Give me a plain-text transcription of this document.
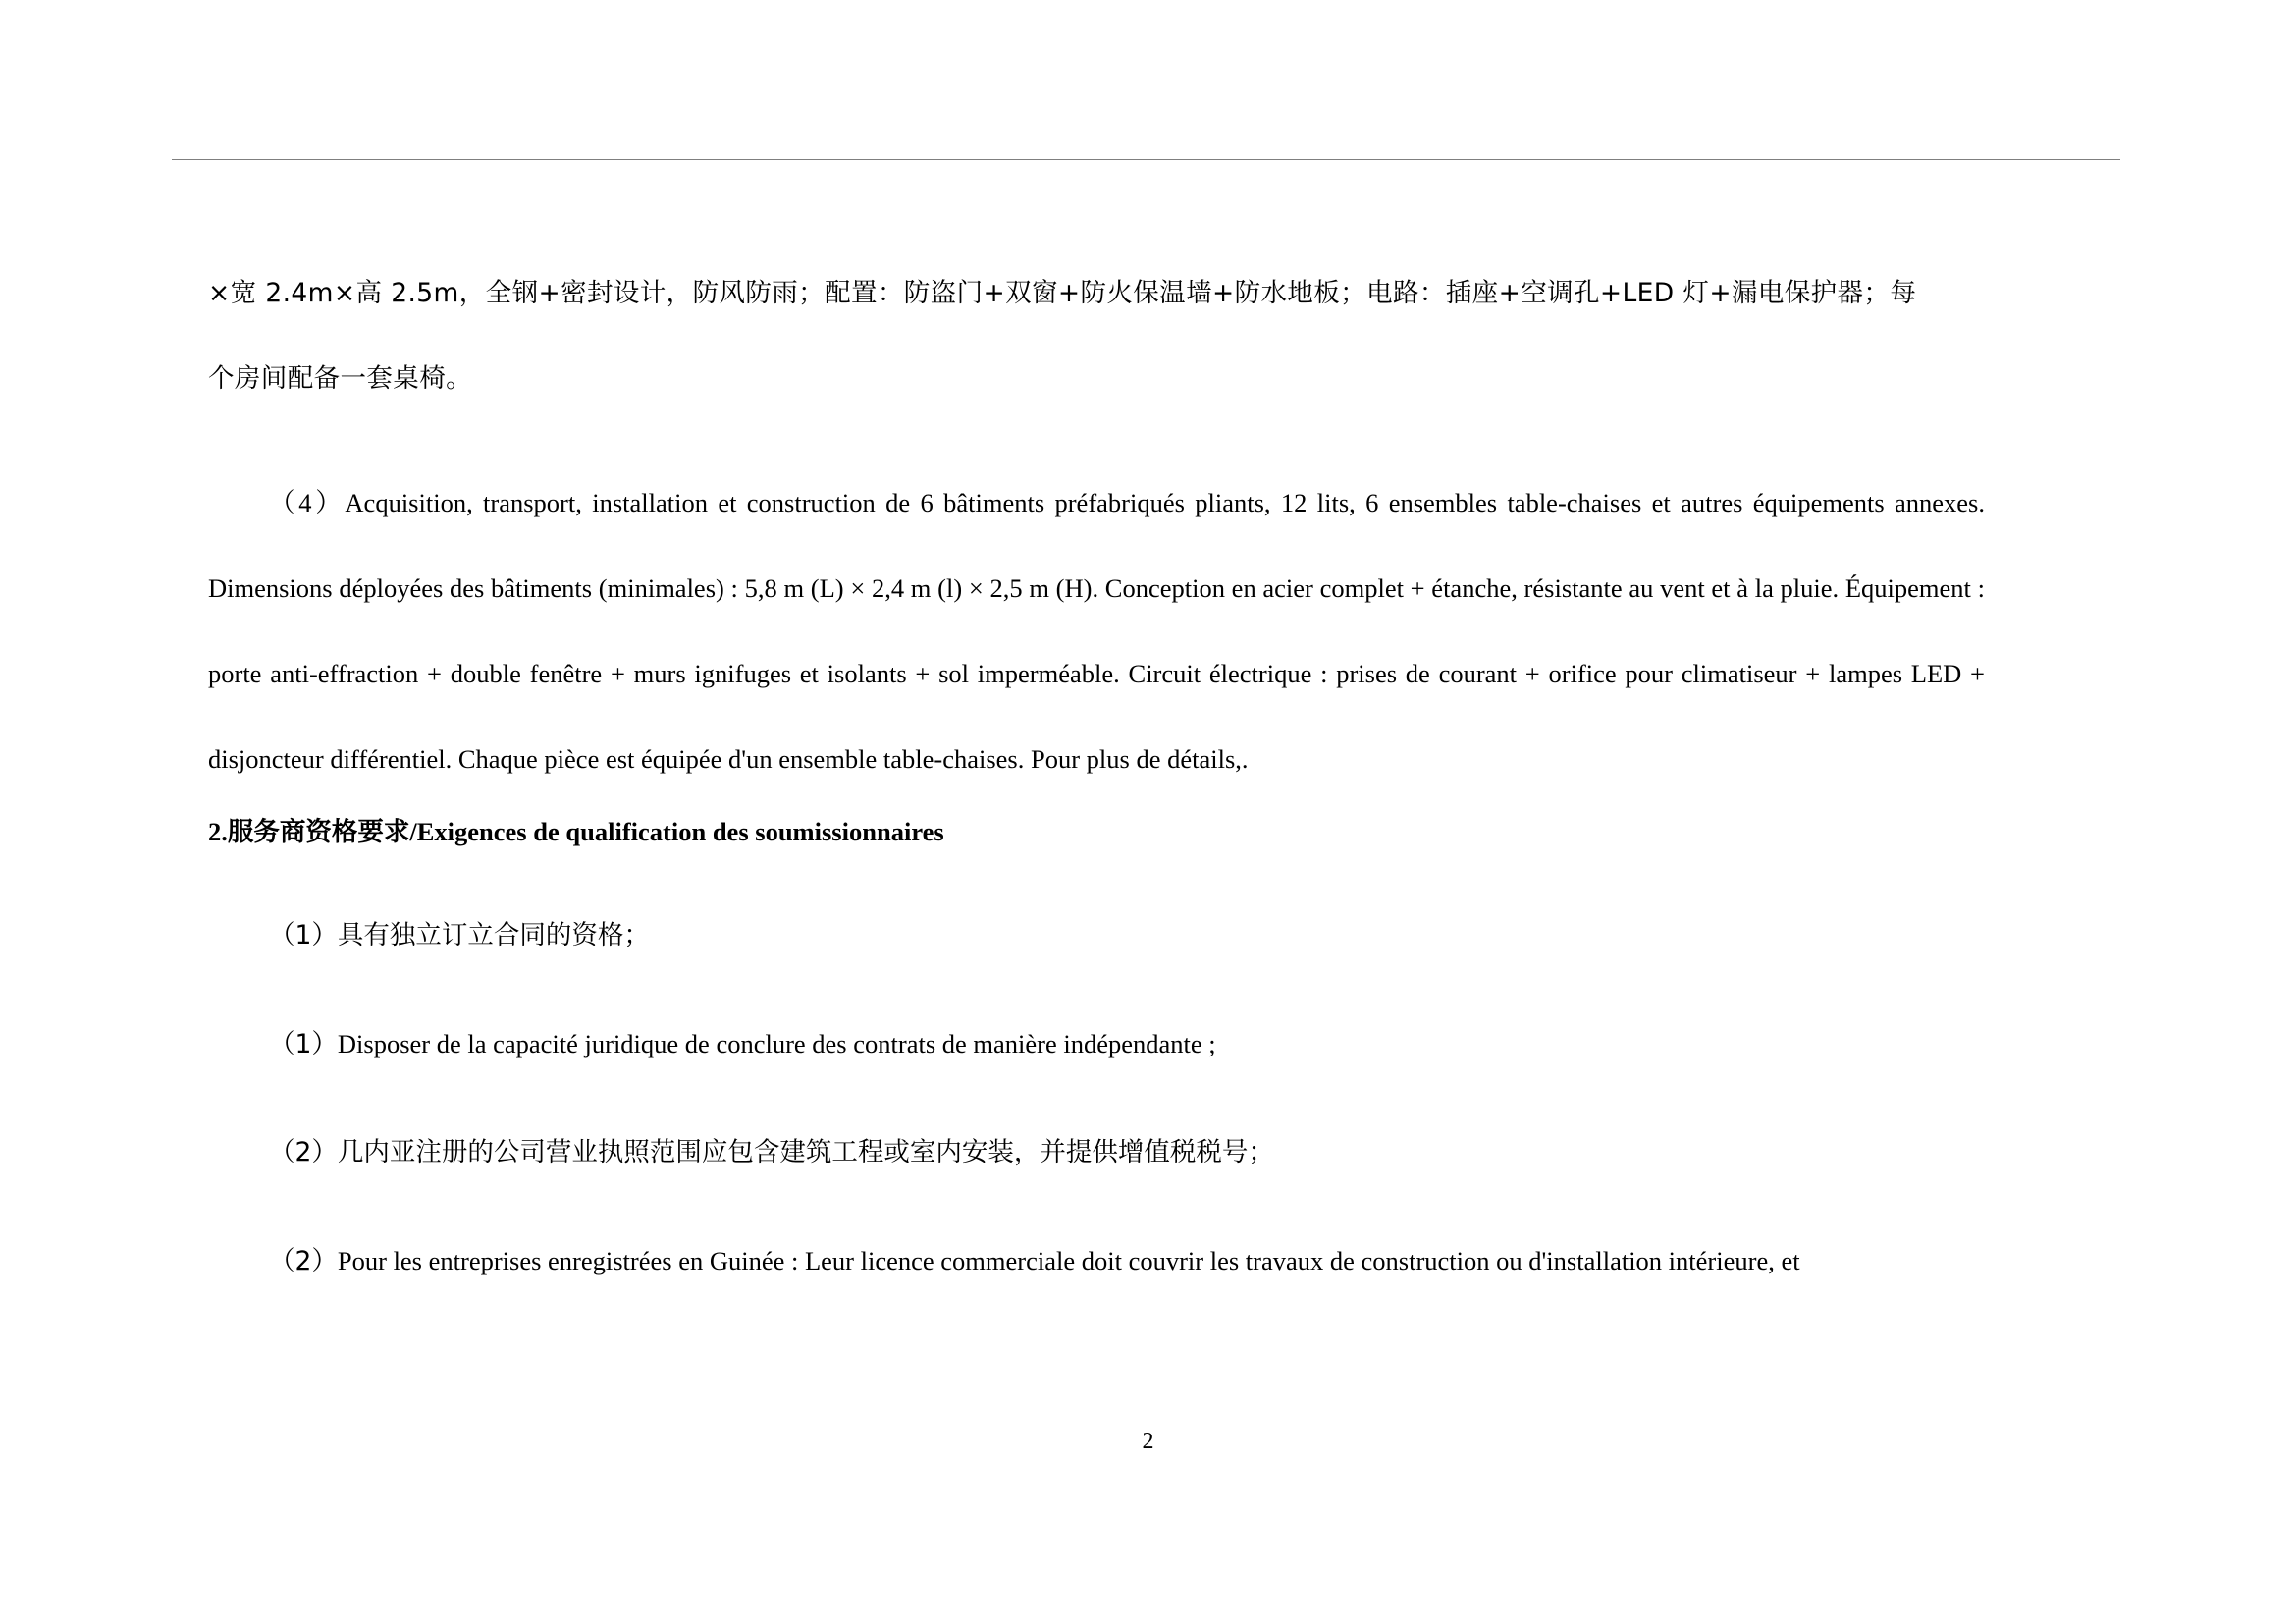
×宽 2.4m×高 2.5m，全钢+密封设计，防风防雨；配置：防盗门+双窗+防火保温墙+防水地板；电路：插座+空调孔+LED 灯+漏电保护器；每

个房间配备一套桌椅。

（4）Acquisition, transport, installation et construction de 6 bâtiments préfabriqués pliants, 12 lits, 6 ensembles table-chaises et autres équipements annexes. Dimensions déployées des bâtiments (minimales) : 5,8 m (L) × 2,4 m (l) × 2,5 m (H). Conception en acier complet + étanche, résistante au vent et à la pluie. Équipement : porte anti-effraction + double fenêtre + murs ignifuges et isolants + sol imperméable. Circuit électrique : prises de courant + orifice pour climatiseur + lampes LED + disjoncteur différentiel. Chaque pièce est équipée d'un ensemble table-chaises. Pour plus de détails,.

2.服务商资格要求/Exigences de qualification des soumissionnaires

（1）具有独立订立合同的资格；

（1）Disposer de la capacité juridique de conclure des contrats de manière indépendante ;

（2）几内亚注册的公司营业执照范围应包含建筑工程或室内安装，并提供增值税税号；

（2）Pour les entreprises enregistrées en Guinée : Leur licence commerciale doit couvrir les travaux de construction ou d'installation intérieure, et

2
